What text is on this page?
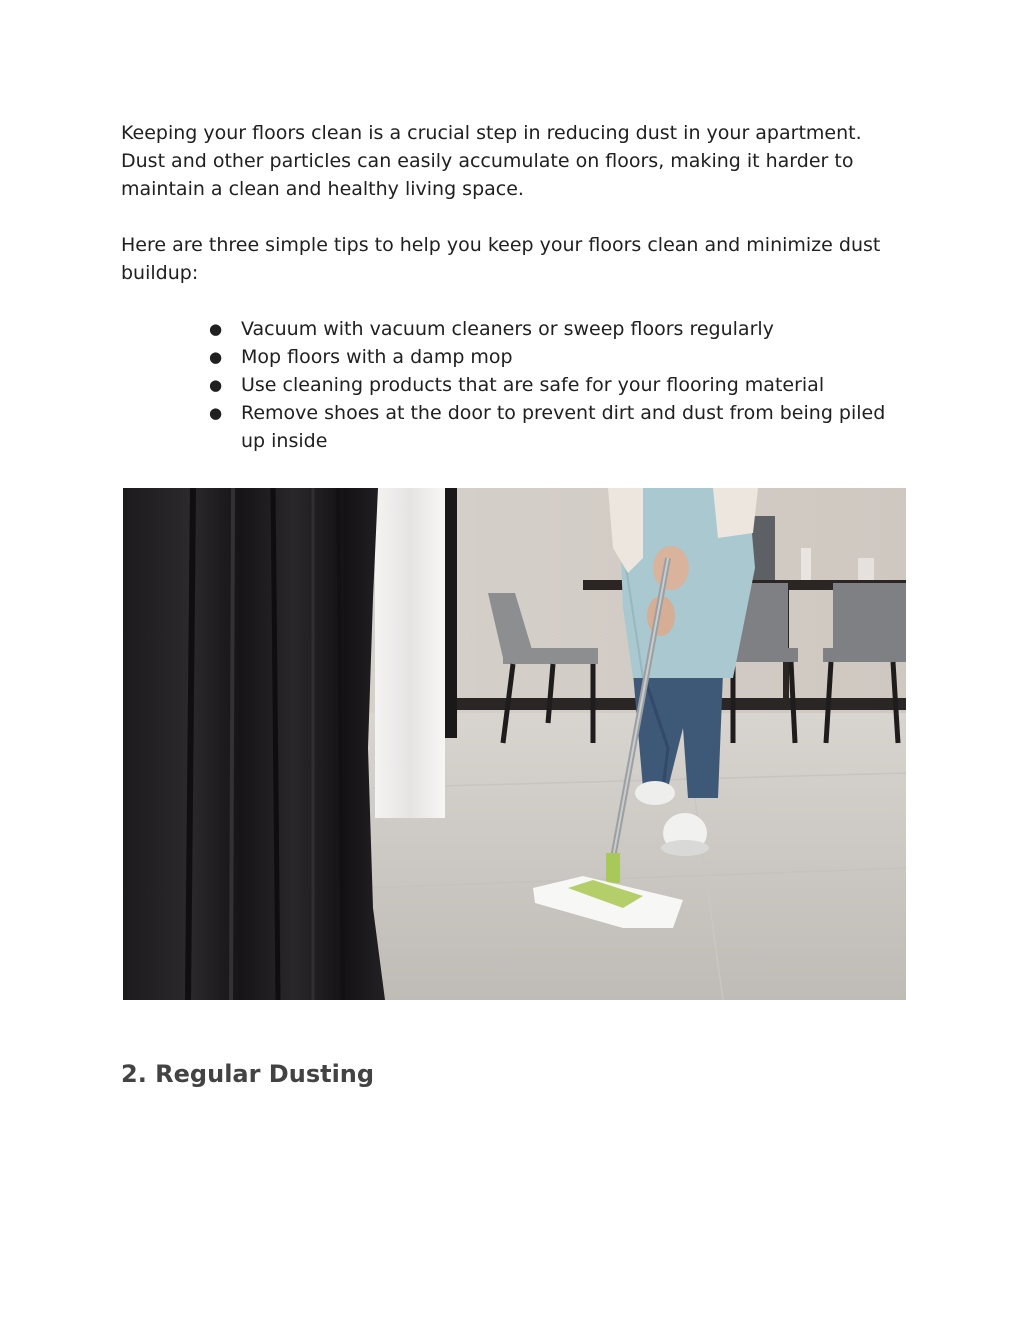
Keeping your floors clean is a crucial step in reducing dust in your apartment. Dust and other particles can easily accumulate on floors, making it harder to maintain a clean and healthy living space.

Here are three simple tips to help you keep your floors clean and minimize dust buildup:

● Vacuum with vacuum cleaners or sweep floors regularly
● Mop floors with a damp mop
● Use cleaning products that are safe for your flooring material
● Remove shoes at the door to prevent dirt and dust from being piled up inside
2. Regular Dusting
